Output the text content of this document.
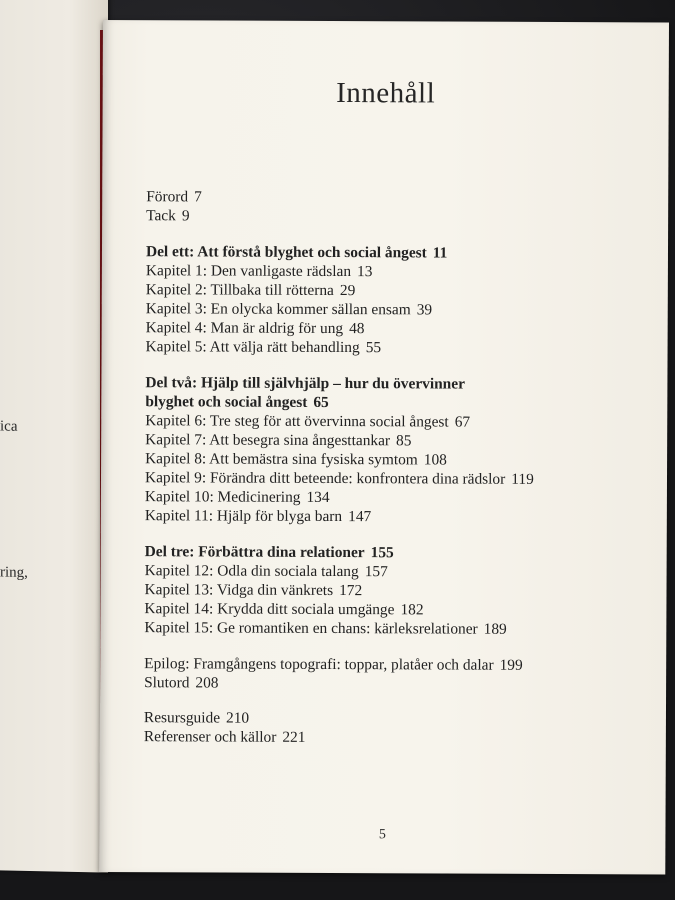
ica
ring,
Innehåll
Förord 7
Tack 9
Del ett: Att förstå blyghet och social ångest 11
Kapitel 1: Den vanligaste rädslan 13
Kapitel 2: Tillbaka till rötterna 29
Kapitel 3: En olycka kommer sällan ensam 39
Kapitel 4: Man är aldrig för ung 48
Kapitel 5: Att välja rätt behandling 55
Del två: Hjälp till självhjälp – hur du övervinner
blyghet och social ångest 65
Kapitel 6: Tre steg för att övervinna social ångest 67
Kapitel 7: Att besegra sina ångesttankar 85
Kapitel 8: Att bemästra sina fysiska symtom 108
Kapitel 9: Förändra ditt beteende: konfrontera dina rädslor 119
Kapitel 10: Medicinering 134
Kapitel 11: Hjälp för blyga barn 147
Del tre: Förbättra dina relationer 155
Kapitel 12: Odla din sociala talang 157
Kapitel 13: Vidga din vänkrets 172
Kapitel 14: Krydda ditt sociala umgänge 182
Kapitel 15: Ge romantiken en chans: kärleksrelationer 189
Epilog: Framgångens topografi: toppar, platåer och dalar 199
Slutord 208
Resursguide 210
Referenser och källor 221
5
